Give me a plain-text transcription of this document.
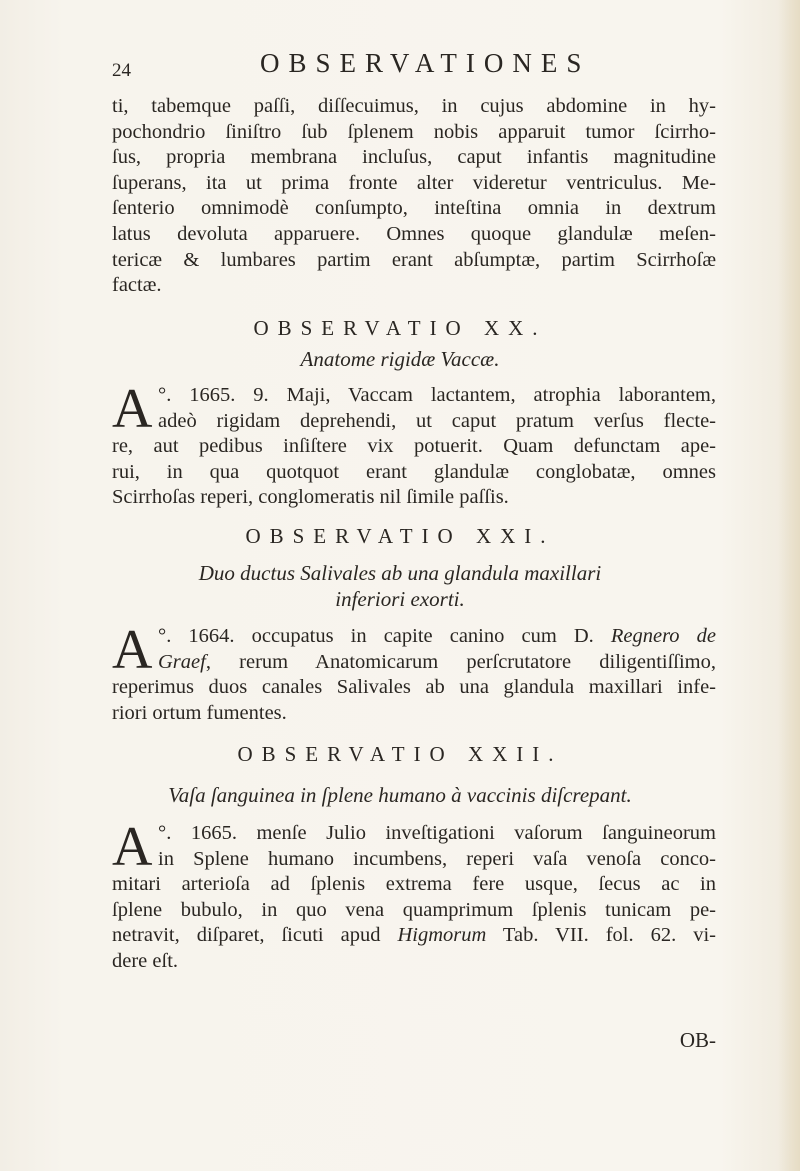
24	OBSERVATIONES
ti, tabemque paſſi, diſſecuimus, in cujus abdomine in hy-
pochondrio ſiniſtro ſub ſplenem nobis apparuit tumor ſcirrho-
ſus, propria membrana incluſus, caput infantis magnitudine
ſuperans, ita ut prima fronte alter videretur ventriculus. Me-
ſenterio omnimodè conſumpto, inteſtina omnia in dextrum
latus devoluta apparuere. Omnes quoque glandulæ meſen-
tericæ & lumbares partim erant abſumptæ, partim Scirrhoſæ
factæ.
OBSERVATIO XX.
Anatome rigidæ Vaccæ.
A °. 1665. 9. Maji, Vaccam lactantem, atrophia laborantem,
adeò rigidam deprehendi, ut caput pratum verſus flecte-
re, aut pedibus inſiſtere vix potuerit. Quam defunctam ape-
rui, in qua quotquot erant glandulæ conglobatæ, omnes
Scirrhoſas reperi, conglomeratis nil ſimile paſſis.
OBSERVATIO XXI.
Duo ductus Salivales ab una glandula maxillari
inferiori exorti.
A °. 1664. occupatus in capite canino cum D. Regnero de
Graef, rerum Anatomicarum perſcrutatore diligentiſſimo,
reperimus duos canales Salivales ab una glandula maxillari infe-
riori ortum fumentes.
OBSERVATIO XXII.
Vaſa ſanguinea in ſplene humano à vaccinis diſcrepant.
A °. 1665. menſe Julio inveſtigationi vaſorum ſanguineorum
in Splene humano incumbens, reperi vaſa venoſa conco-
mitari arterioſa ad ſplenis extrema fere usque, ſecus ac in
ſplene bubulo, in quo vena quamprimum ſplenis tunicam pe-
netravit, diſparet, ſicuti apud Higmorum Tab. VII. fol. 62. vi-
dere eſt.
OB-
